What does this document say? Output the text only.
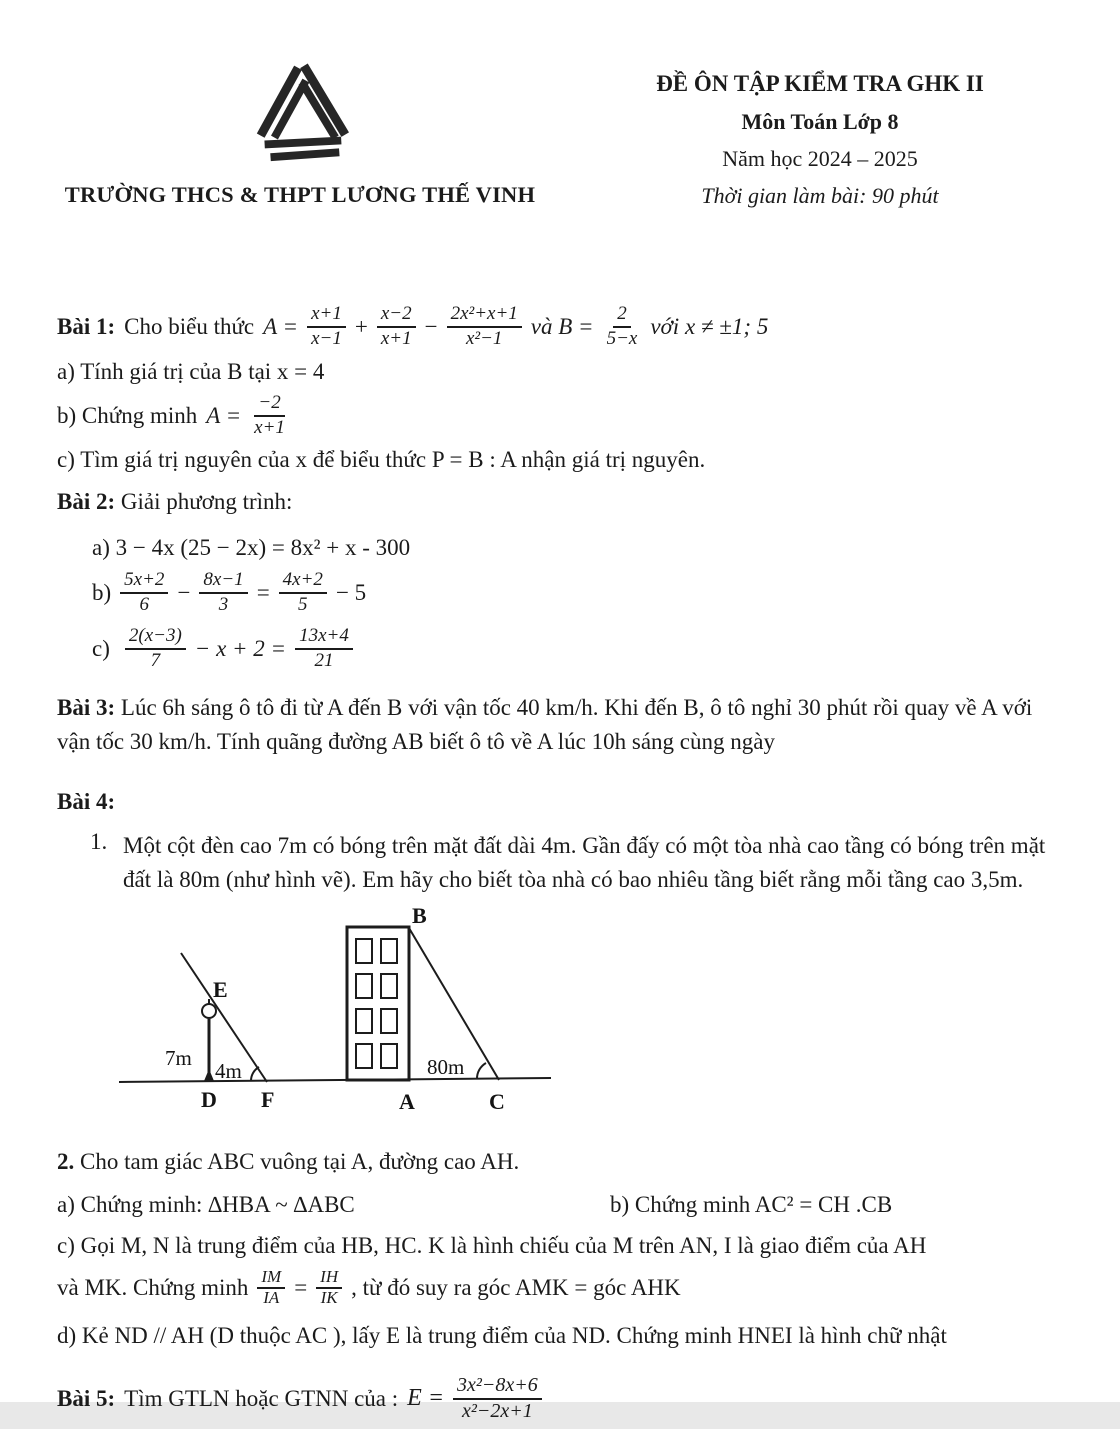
TRƯỜNG THCS & THPT LƯƠNG THẾ VINH
ĐỀ ÔN TẬP KIỂM TRA GHK II
Môn Toán Lớp 8
Năm học 2024 – 2025
Thời gian làm bài: 90 phút
Bài 1: Cho biểu thức $A = \frac{x+1}{x-1} + \frac{x-2}{x+1} - \frac{\text{2x²+x+1}}{\text{x²−1}}$ và $B = \frac{2}{5-x}$ với x ≠ ±1; 5
a) Tính giá trị của B tại x = 4
b) Chứng minh $A = \frac{-2}{x+1}$
c) Tìm giá trị nguyên của x để biểu thức P = B : A nhận giá trị nguyên.
Bài 2: Giải phương trình:
a) 3 − 4x (25 − 2x) = 8x² + x - 300
$b) \frac{5x+2}{6} - \frac{8x-1}{3} = \frac{4x+2}{5} - 5$
$c) \frac{2(x-3)}{7} - x + 2 = \frac{13x+4}{21}$
Bài 3: Lúc 6h sáng ô tô đi từ A đến B với vận tốc 40 km/h. Khi đến B, ô tô nghỉ 30 phút rồi quay về A với vận tốc 30 km/h. Tính quãng đường AB biết ô tô về A lúc 10h sáng cùng ngày
Bài 4:
1. Một cột đèn cao 7m có bóng trên mặt đất dài 4m. Gần đấy có một tòa nhà cao tầng có bóng trên mặt đất là 80m (như hình vẽ). Em hãy cho biết tòa nhà có bao nhiêu tầng biết rằng mỗi tầng cao 3,5m.
E
B
7m
4m	80m
D F	A	C
2. Cho tam giác ABC vuông tại A, đường cao AH.
a) Chứng minh: ∆HBA ~ ∆ABC	b) Chứng minh AC² = CH .CB
c) Gọi M, N là trung điểm của HB, HC. K là hình chiếu của M trên AN, I là giao điểm của AH
và MK. Chứng minh $\frac{IM}{IA} = \frac{IH}{IK}$ , từ đó suy ra góc AMK = góc AHK
d) Kẻ ND // AH (D thuộc AC ), lấy E là trung điểm của ND. Chứng minh HNEI là hình chữ nhật
Bài 5: Tìm GTLN hoặc GTNN của : $E = \frac{\text{3x²−8x+6}}{\text{x²−2x+1}}$
